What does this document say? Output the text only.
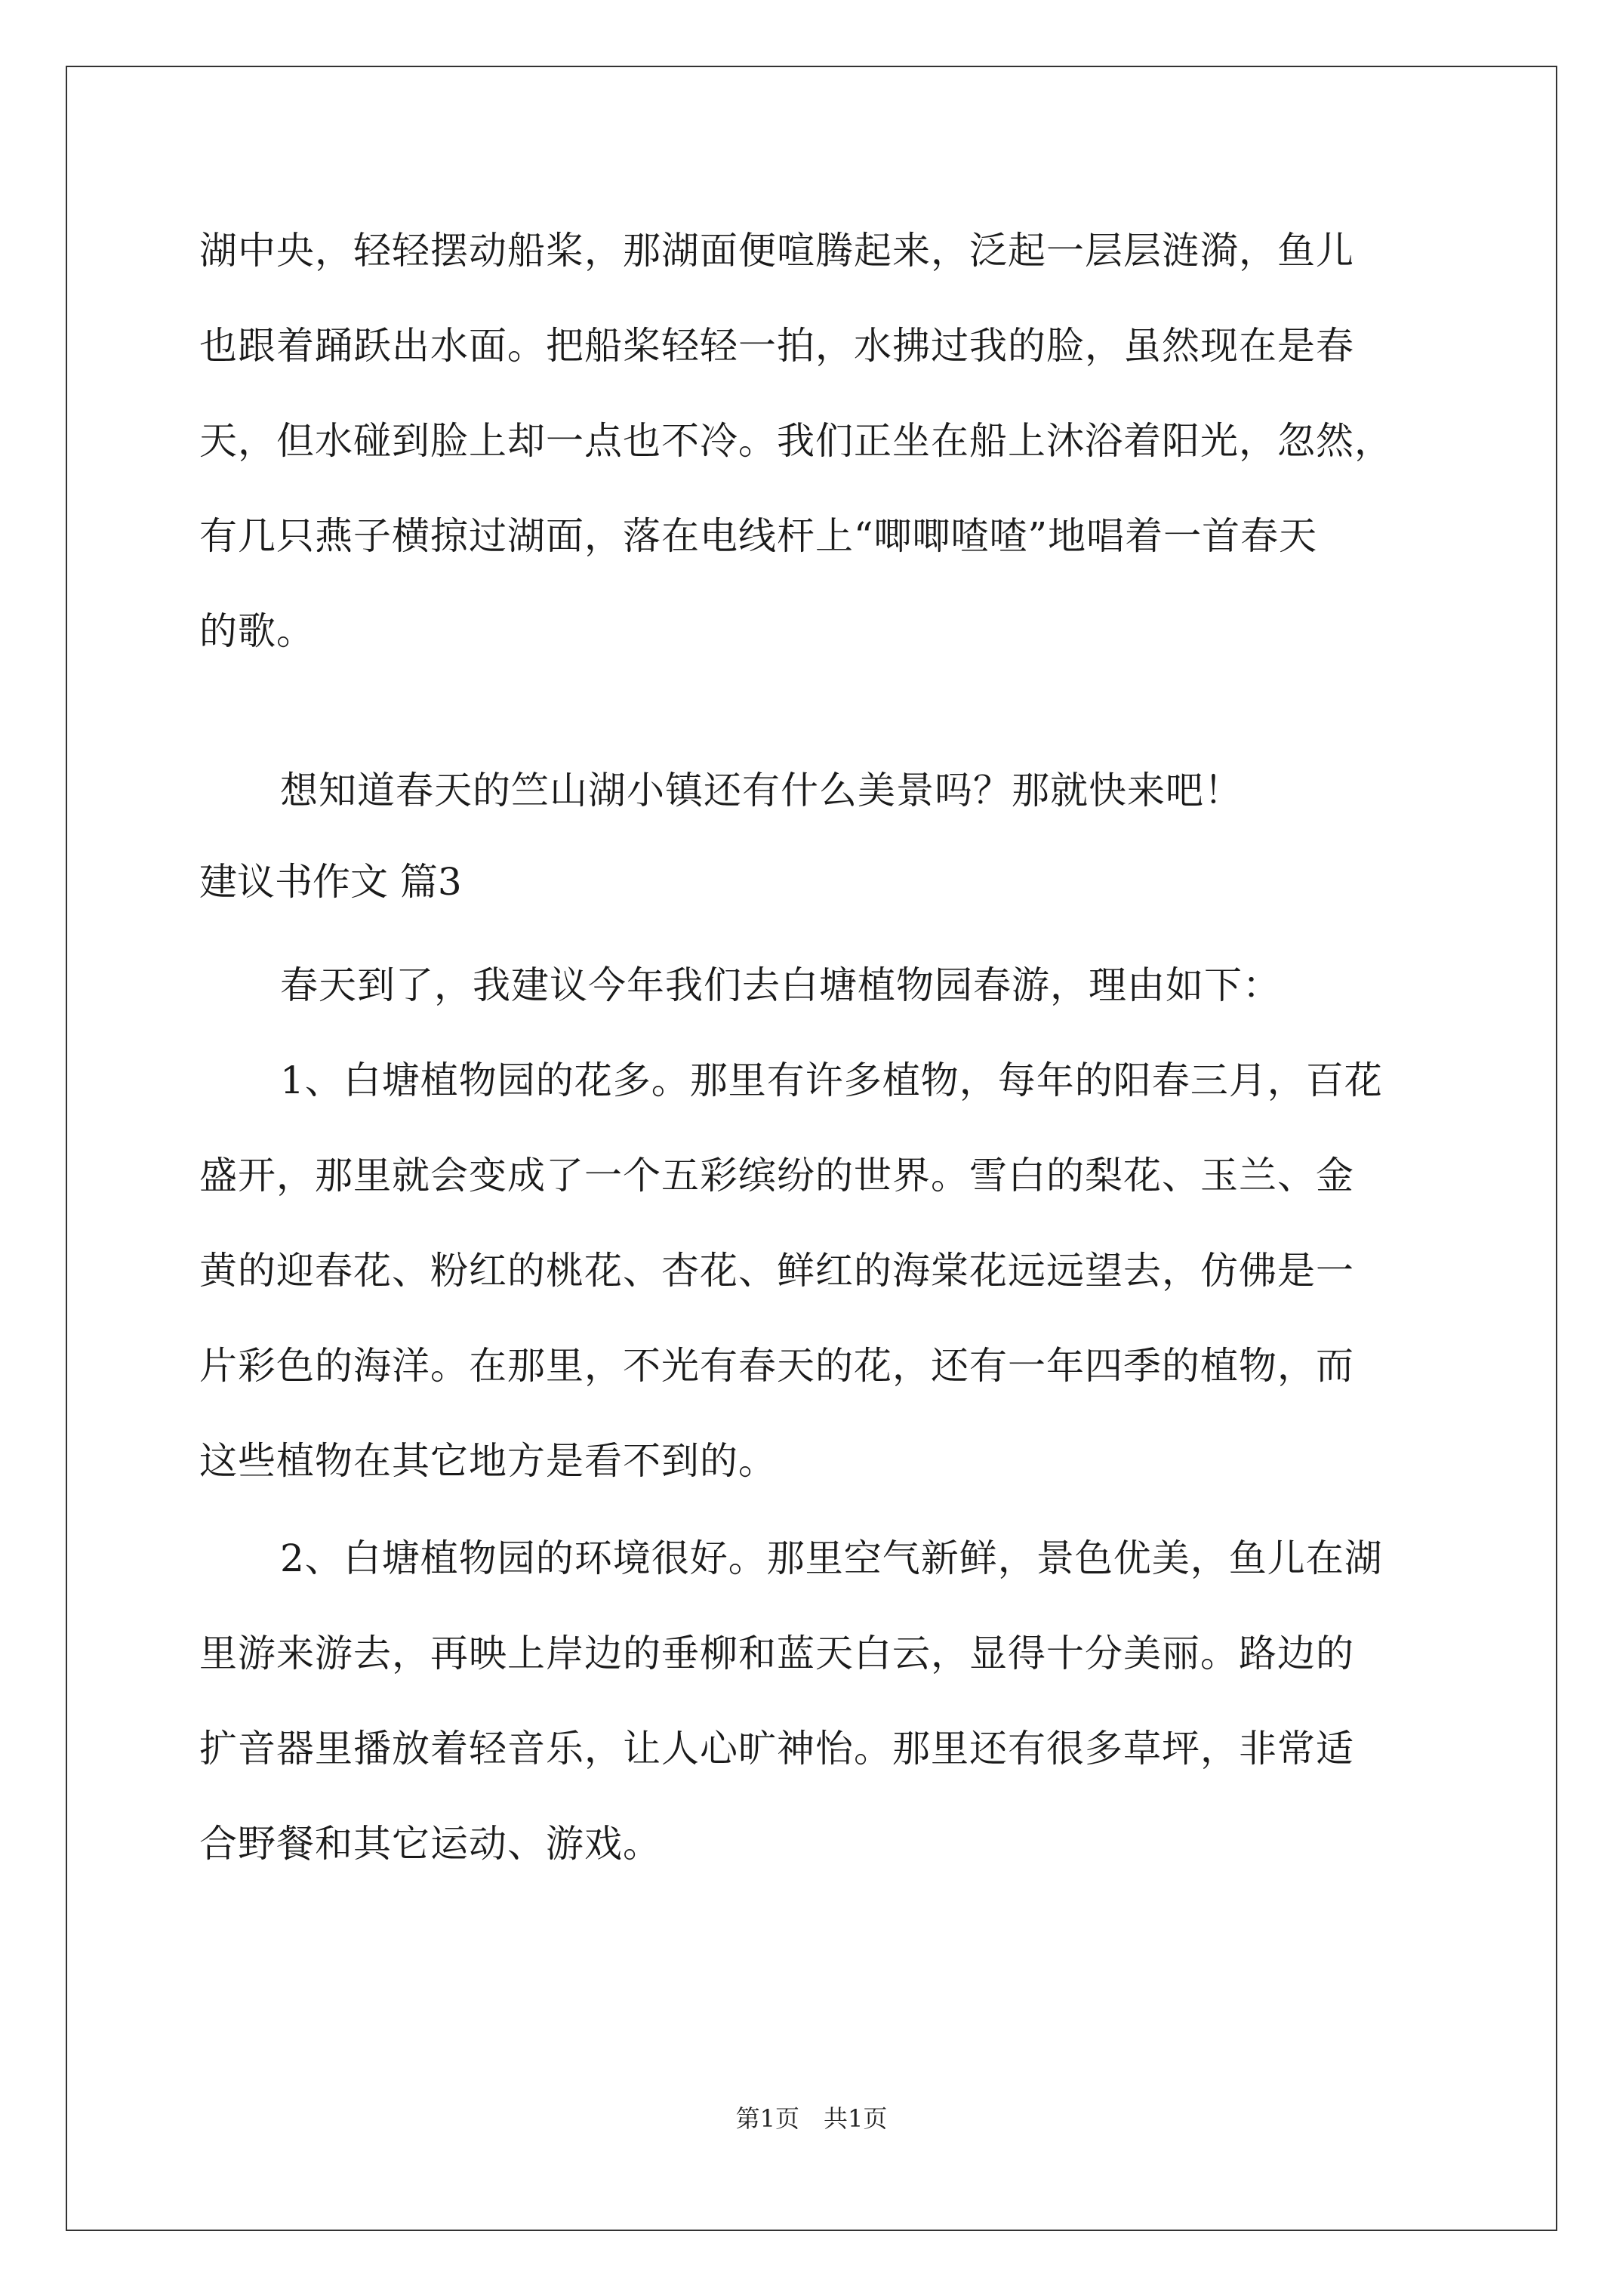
湖中央，轻轻摆动船桨，那湖面便喧腾起来，泛起一层层涟漪，鱼儿
也跟着踊跃出水面。把船桨轻轻一拍，水拂过我的脸，虽然现在是春
天，但水碰到脸上却一点也不冷。我们正坐在船上沐浴着阳光，忽然，
有几只燕子横掠过湖面，落在电线杆上“唧唧喳喳”地唱着一首春天
的歌。
想知道春天的竺山湖小镇还有什么美景吗？那就快来吧！
建议书作文 篇3
春天到了，我建议今年我们去白塘植物园春游，理由如下：
1、白塘植物园的花多。那里有许多植物，每年的阳春三月，百花
盛开，那里就会变成了一个五彩缤纷的世界。雪白的梨花、玉兰、金
黄的迎春花、粉红的桃花、杏花、鲜红的海棠花远远望去，仿佛是一
片彩色的海洋。在那里，不光有春天的花，还有一年四季的植物，而
这些植物在其它地方是看不到的。
2、白塘植物园的环境很好。那里空气新鲜，景色优美，鱼儿在湖
里游来游去，再映上岸边的垂柳和蓝天白云，显得十分美丽。路边的
扩音器里播放着轻音乐，让人心旷神怡。那里还有很多草坪，非常适
合野餐和其它运动、游戏。
第1页　共1页
